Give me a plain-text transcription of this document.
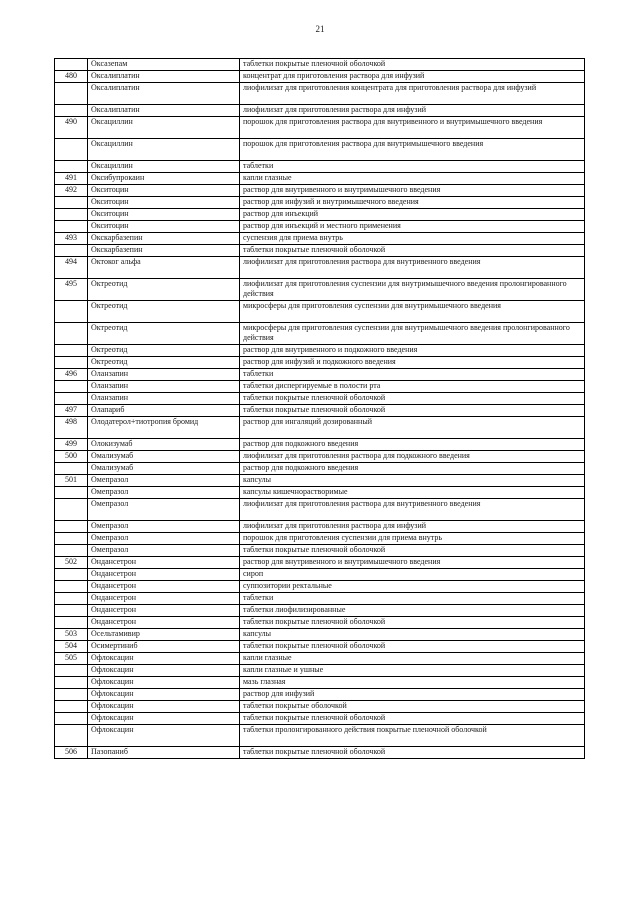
21
	Оксазепам	таблетки покрытые пленочной оболочкой
480	Оксалиплатин	концентрат для приготовления раствора для инфузий
	Оксалиплатин	лиофилизат для приготовления концентрата для приготовления раствора для инфузий
	Оксалиплатин	лиофилизат для приготовления раствора для инфузий
490	Оксациллин	порошок для приготовления раствора для внутривенного и внутримышечного введения
	Оксациллин	порошок для приготовления раствора для внутримышечного введения
	Оксациллин	таблетки
491	Оксибупрокаин	капли глазные
492	Окситоцин	раствор для внутривенного и внутримышечного введения
	Окситоцин	раствор для инфузий и внутримышечного введения
	Окситоцин	раствор для инъекций
	Окситоцин	раствор для инъекций и местного применения
493	Окскарбазепин	суспензия для приема внутрь
	Окскарбазепин	таблетки покрытые пленочной оболочкой
494	Октоког альфа	лиофилизат для приготовления раствора для внутривенного введения
495	Октреотид	лиофилизат для приготовления суспензии для внутримышечного введения пролонгированного действия
	Октреотид	микросферы для приготовления суспензии для внутримышечного введения
	Октреотид	микросферы для приготовления суспензии для внутримышечного введения пролонгированного действия
	Октреотид	раствор для внутривенного и подкожного введения
	Октреотид	раствор для инфузий и подкожного введения
496	Оланзапин	таблетки
	Оланзапин	таблетки диспергируемые в полости рта
	Оланзапин	таблетки покрытые пленочной оболочкой
497	Олапариб	таблетки покрытые пленочной оболочкой
498	Олодатерол+тиотропия бромид	раствор для ингаляций дозированный
499	Олокизумаб	раствор для подкожного введения
500	Омализумаб	лиофилизат для приготовления раствора для подкожного введения
	Омализумаб	раствор для подкожного введения
501	Омепразол	капсулы
	Омепразол	капсулы кишечнорастворимые
	Омепразол	лиофилизат для приготовления раствора для внутривенного введения
	Омепразол	лиофилизат для приготовления раствора для инфузий
	Омепразол	порошок для приготовления суспензии для приема внутрь
	Омепразол	таблетки покрытые пленочной оболочкой
502	Ондансетрон	раствор для внутривенного и внутримышечного введения
	Ондансетрон	сироп
	Ондансетрон	суппозитории ректальные
	Ондансетрон	таблетки
	Ондансетрон	таблетки лиофилизированные
	Ондансетрон	таблетки покрытые пленочной оболочкой
503	Осельтамивир	капсулы
504	Осимертиниб	таблетки покрытые пленочной оболочкой
505	Офлоксацин	капли глазные
	Офлоксацин	капли глазные и ушные
	Офлоксацин	мазь глазная
	Офлоксацин	раствор для инфузий
	Офлоксацин	таблетки покрытые оболочкой
	Офлоксацин	таблетки покрытые пленочной оболочкой
	Офлоксацин	таблетки пролонгированного действия покрытые пленочной оболочкой
506	Пазопаниб	таблетки покрытые пленочной оболочкой
